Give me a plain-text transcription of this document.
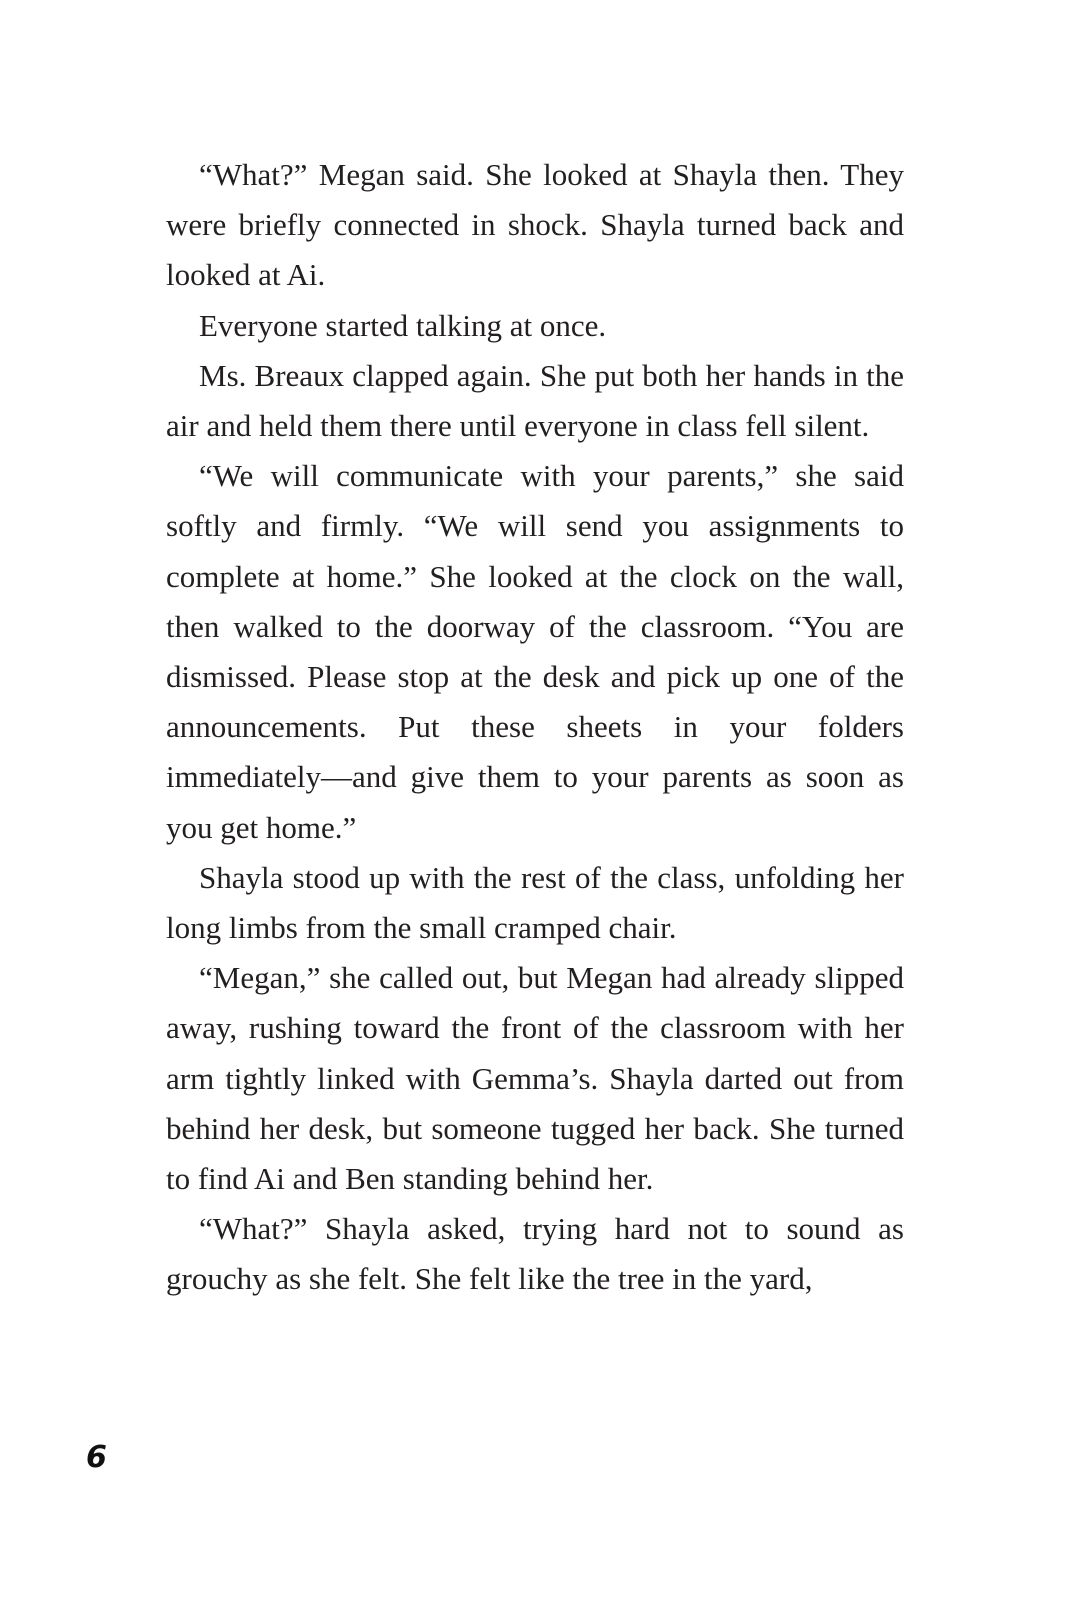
“What?” Megan said. She looked at Shayla then. They were briefly connected in shock. Shayla turned back and looked at Ai.

Everyone started talking at once.

Ms. Breaux clapped again. She put both her hands in the air and held them there until everyone in class fell silent.

“We will communicate with your parents,” she said softly and firmly. “We will send you assignments to complete at home.” She looked at the clock on the wall, then walked to the doorway of the classroom. “You are dismissed. Please stop at the desk and pick up one of the announcements. Put these sheets in your folders immediately—and give them to your parents as soon as you get home.”

Shayla stood up with the rest of the class, unfolding her long limbs from the small cramped chair.

“Megan,” she called out, but Megan had already slipped away, rushing toward the front of the classroom with her arm tightly linked with Gemma’s. Shayla darted out from behind her desk, but someone tugged her back. She turned to find Ai and Ben standing behind her.

“What?” Shayla asked, trying hard not to sound as grouchy as she felt. She felt like the tree in the yard,

6
